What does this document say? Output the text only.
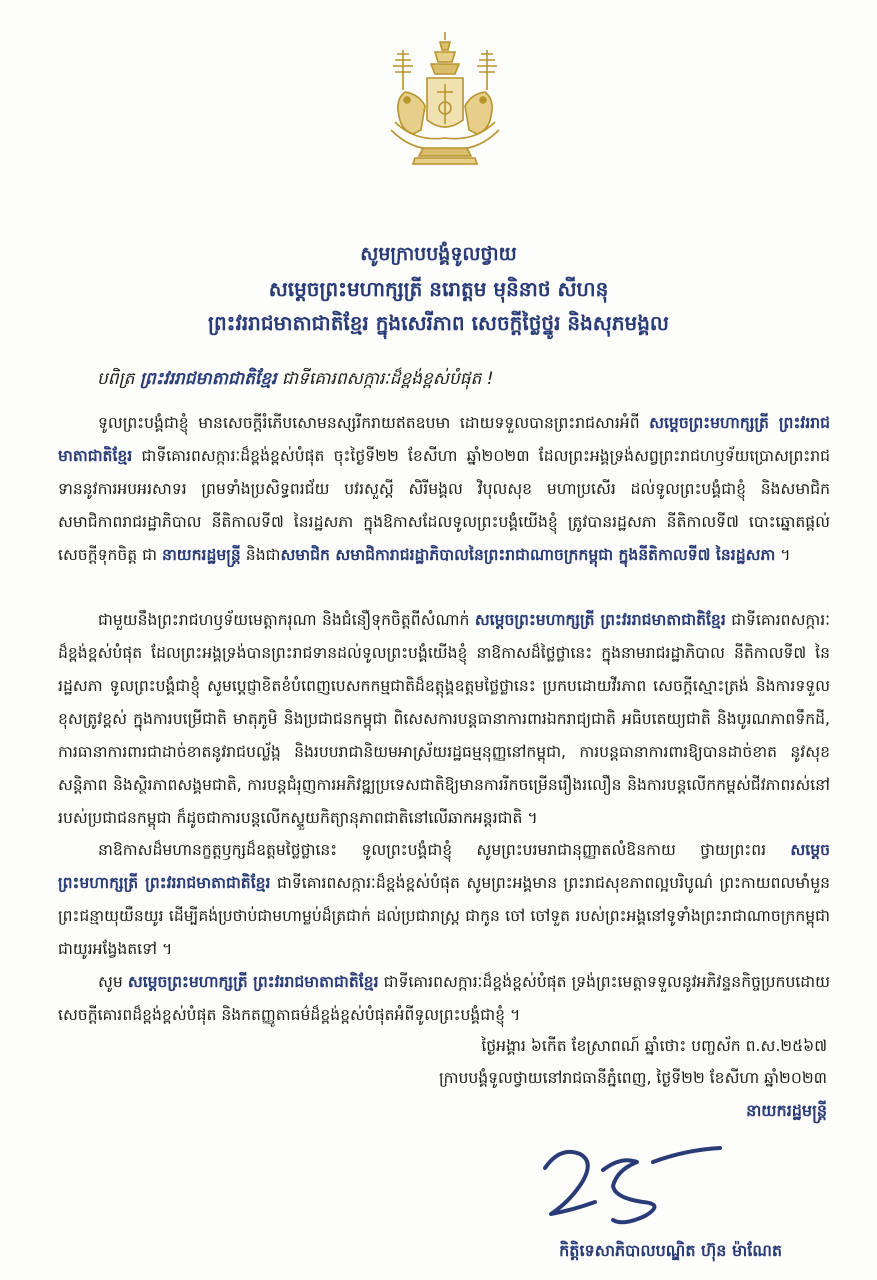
សូមក្រាបបង្គំទូលថ្វាយ
សម្តេចព្រះមហាក្សត្រី នរោត្តម មុនិនាថ សីហនុ
ព្រះវររាជមាតាជាតិខ្មែរ ក្នុងសេរីភាព សេចក្តីថ្លៃថ្នូរ និងសុភមង្គល
បពិត្រ ព្រះវររាជមាតាជាតិខ្មែរ ជាទីគោរពសក្ការៈដ៏ខ្ពង់ខ្ពស់បំផុត !
ទូលព្រះបង្គំជាខ្ញុំ មានសេចក្តីរំភើបសោមនស្សរីករាយឥតឧបមា ដោយទទួលបានព្រះរាជសារអំពី សម្តេចព្រះមហាក្សត្រី ព្រះវររាជមាតាជាតិខ្មែរ ជាទីគោរពសក្ការៈដ៏ខ្ពង់ខ្ពស់បំផុត ចុះថ្ងៃទី២២ ខែសីហា ឆ្នាំ២០២៣ ដែលព្រះអង្គទ្រង់សព្វព្រះរាជហឫទ័យប្រោសព្រះរាជទាននូវការអបអរសាទរ ព្រមទាំងប្រសិទ្ធពរជ័យ បវរសួស្តី សិរីមង្គល វិបុលសុខ មហាប្រសើរ ដល់ទូលព្រះបង្គំជាខ្ញុំ និងសមាជិក សមាជិកាពរាជរដ្ឋាភិបាល នីតិកាលទី៧ នៃរដ្ឋសភា ក្នុងឱកាសដែលទូលព្រះបង្គំយើងខ្ញុំ ត្រូវបានរដ្ឋសភា នីតិកាលទី៧ បោះឆ្នោតផ្តល់សេចក្តីទុកចិត្ត ជា នាយករដ្ឋមន្ត្រី និងជាសមាជិក សមាជិការាជរដ្ឋាភិបាលនៃព្រះរាជាណាចក្រកម្ពុជា ក្នុងនីតិកាលទី៧ នៃរដ្ឋសភា ។
ជាមួយនឹងព្រះរាជហឫទ័យមេត្តាករុណា និងជំនឿទុកចិត្តពីសំណាក់ សម្តេចព្រះមហាក្សត្រី ព្រះវររាជមាតាជាតិខ្មែរ ជាទីគោរពសក្ការៈដ៏ខ្ពង់ខ្ពស់បំផុត ដែលព្រះអង្គទ្រង់បានព្រះរាជទានដល់ទូលព្រះបង្គំយើងខ្ញុំ នាឱកាសដ៏ថ្លៃថ្លានេះ ក្នុងនាមរាជរដ្ឋាភិបាល នីតិកាលទី៧ នៃរដ្ឋសភា ទូលព្រះបង្គំជាខ្ញុំ សូមប្តេជ្ញាខិតខំបំពេញបេសកកម្មជាតិដ៏ឧត្តុង្គឧត្តមថ្លៃថ្លានេះ ប្រកបដោយវីរភាព សេចក្តីស្មោះត្រង់ និងការទទួលខុសត្រូវខ្ពស់ ក្នុងការបម្រើជាតិ មាតុភូមិ និងប្រជាជនកម្ពុជា ពិសេសការបន្តធានាការពារឯករាជ្យជាតិ អធិបតេយ្យជាតិ និងបូរណភាពទឹកដី, ការធានាការពារជាដាច់ខាតនូវរាជបល្ល័ង្ក និងរបបរាជានិយមអាស្រ័យរដ្ឋធម្មនុញ្ញនៅកម្ពុជា, ការបន្តធានាការពារឱ្យបានដាច់ខាត នូវសុខសន្តិភាព និងស្ថិរភាពសង្គមជាតិ, ការបន្តជំរុញការអភិវឌ្ឍប្រទេសជាតិឱ្យមានការរីកចម្រើនរឿងរលឿន និងការបន្តលើកកម្ពស់ជីវភាពរស់នៅរបស់ប្រជាជនកម្ពុជា ក៏ដូចជាការបន្តលើកស្ទួយកិត្យានុភាពជាតិនៅលើឆាកអន្តរជាតិ ។
នាឱកាសដ៏មហានក្ខត្តឫក្សដ៏ឧត្តមថ្លៃថ្លានេះ ទូលព្រះបង្គំជាខ្ញុំ សូមព្រះបរមរាជានុញ្ញាតលំឱនកាយ ថ្វាយព្រះពរ សម្តេចព្រះមហាក្សត្រី ព្រះវររាជមាតាជាតិខ្មែរ ជាទីគោរពសក្ការៈដ៏ខ្ពង់ខ្ពស់បំផុត សូមព្រះអង្គមាន ព្រះរាជសុខភាពល្អបរិបូណ៌ ព្រះកាយពលមាំមួន ព្រះជន្មាយុយឺនយូរ ដើម្បីគង់ប្រថាប់ជាមហាម្លប់ដ៏ត្រជាក់ ដល់ប្រជារាស្ត្រ ជាកូន ចៅ ចៅទួត របស់ព្រះអង្គនៅទូទាំងព្រះរាជាណាចក្រកម្ពុជា ជាយូរអង្វែងតទៅ ។
សូម សម្តេចព្រះមហាក្សត្រី ព្រះវររាជមាតាជាតិខ្មែរ ជាទីគោរពសក្ការៈដ៏ខ្ពង់ខ្ពស់បំផុត ទ្រង់ព្រះមេត្តាទទួលនូវអភិវន្ទនកិច្ចប្រកបដោយសេចក្តីគោរពដ៏ខ្ពង់ខ្ពស់បំផុត និងកតញ្ញូតាធម៌ដ៏ខ្ពង់ខ្ពស់បំផុតអំពីទូលព្រះបង្គំជាខ្ញុំ ។
ថ្ងៃអង្គារ ៦កើត ខែស្រាពណ៍ ឆ្នាំថោះ បញ្ចស័ក ព.ស.២៥៦៧
ក្រាបបង្គំទូលថ្វាយនៅរាជធានីភ្នំពេញ, ថ្ងៃទី២២ ខែសីហា ឆ្នាំ២០២៣
នាយករដ្ឋមន្ត្រី
កិត្តិទេសាភិបាលបណ្ឌិត ហ៊ុន ម៉ាណែត
